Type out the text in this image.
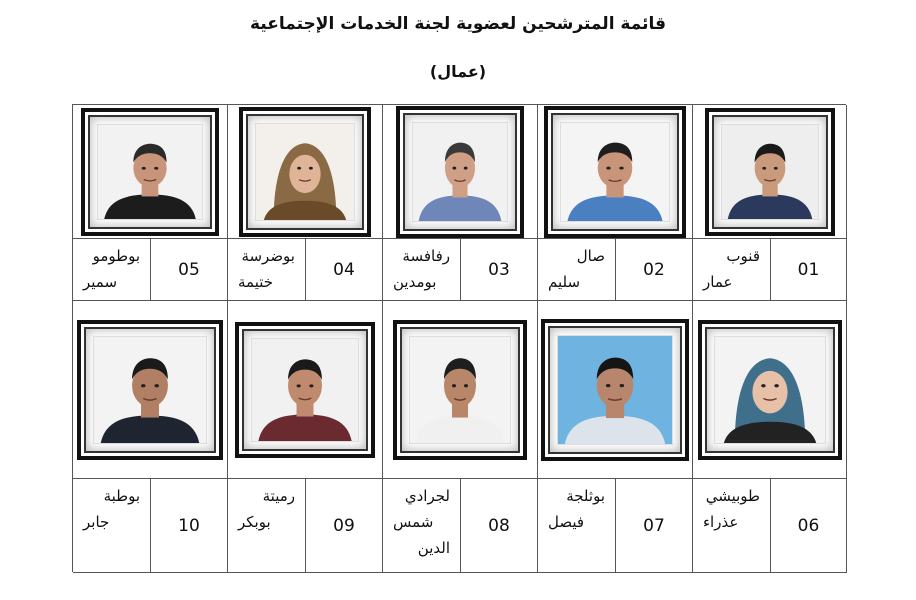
قائمة المترشحين لعضوية لجنة الخدمات الإجتماعية
(عمال)
01
قنوب
عمار
02
صال
سليم
03
رفافسة
بومدين
04
بوضرسة
ختيمة
05
بوطومو
سمير
06
طوبيشي
عذراء
07
بوثلجة
فيصل
08
لجرادي
شمس
الدين
09
رميتة
بوبكر
10
بوطبة
جابر
